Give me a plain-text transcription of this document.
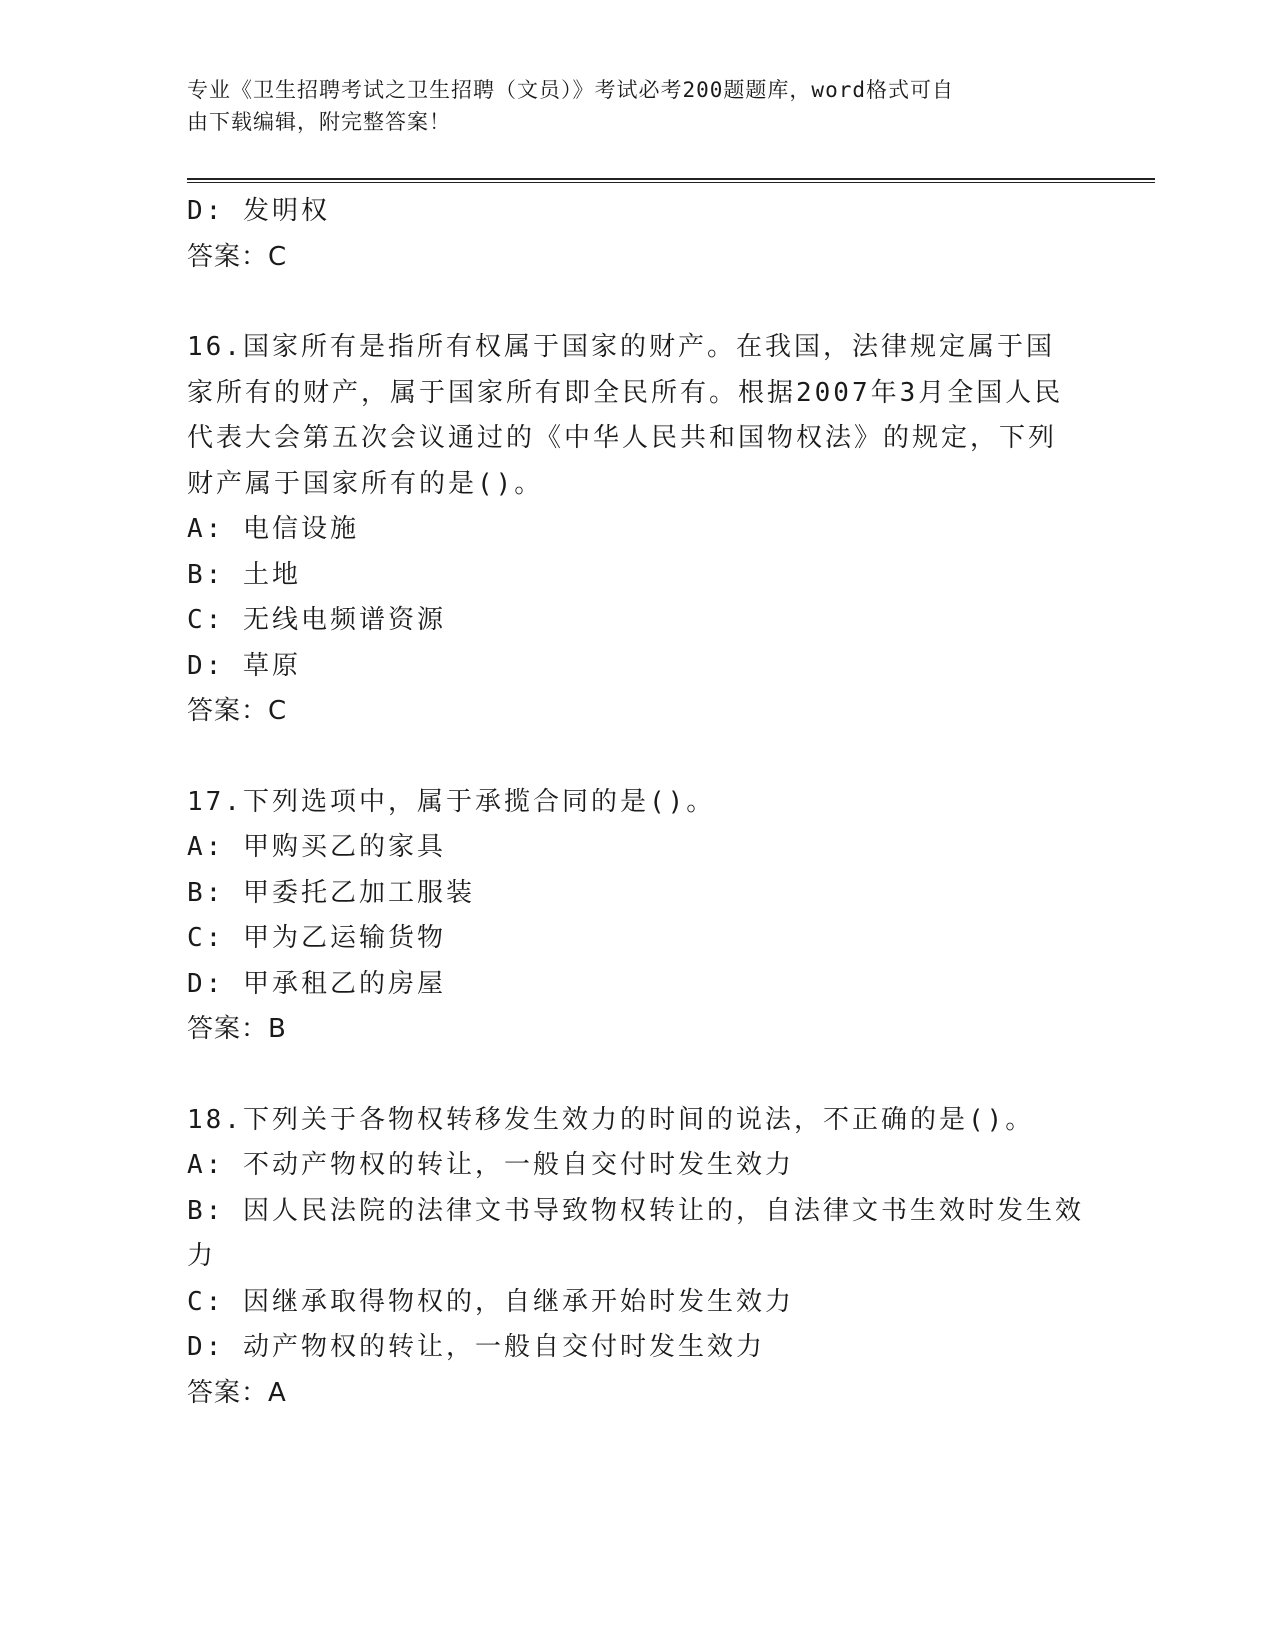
专业《卫生招聘考试之卫生招聘（文员）》考试必考200题题库，word格式可自
由下载编辑，附完整答案！
D: 发明权
答案：C
16.国家所有是指所有权属于国家的财产。在我国，法律规定属于国家所有的财产，属于国家所有即全民所有。根据2007年3月全国人民代表大会第五次会议通过的《中华人民共和国物权法》的规定，下列财产属于国家所有的是()。
A: 电信设施
B: 土地
C: 无线电频谱资源
D: 草原
答案：C
17.下列选项中，属于承揽合同的是()。
A: 甲购买乙的家具
B: 甲委托乙加工服装
C: 甲为乙运输货物
D: 甲承租乙的房屋
答案：B
18.下列关于各物权转移发生效力的时间的说法，不正确的是()。
A: 不动产物权的转让，一般自交付时发生效力
B: 因人民法院的法律文书导致物权转让的，自法律文书生效时发生效力
C: 因继承取得物权的，自继承开始时发生效力
D: 动产物权的转让，一般自交付时发生效力
答案：A
